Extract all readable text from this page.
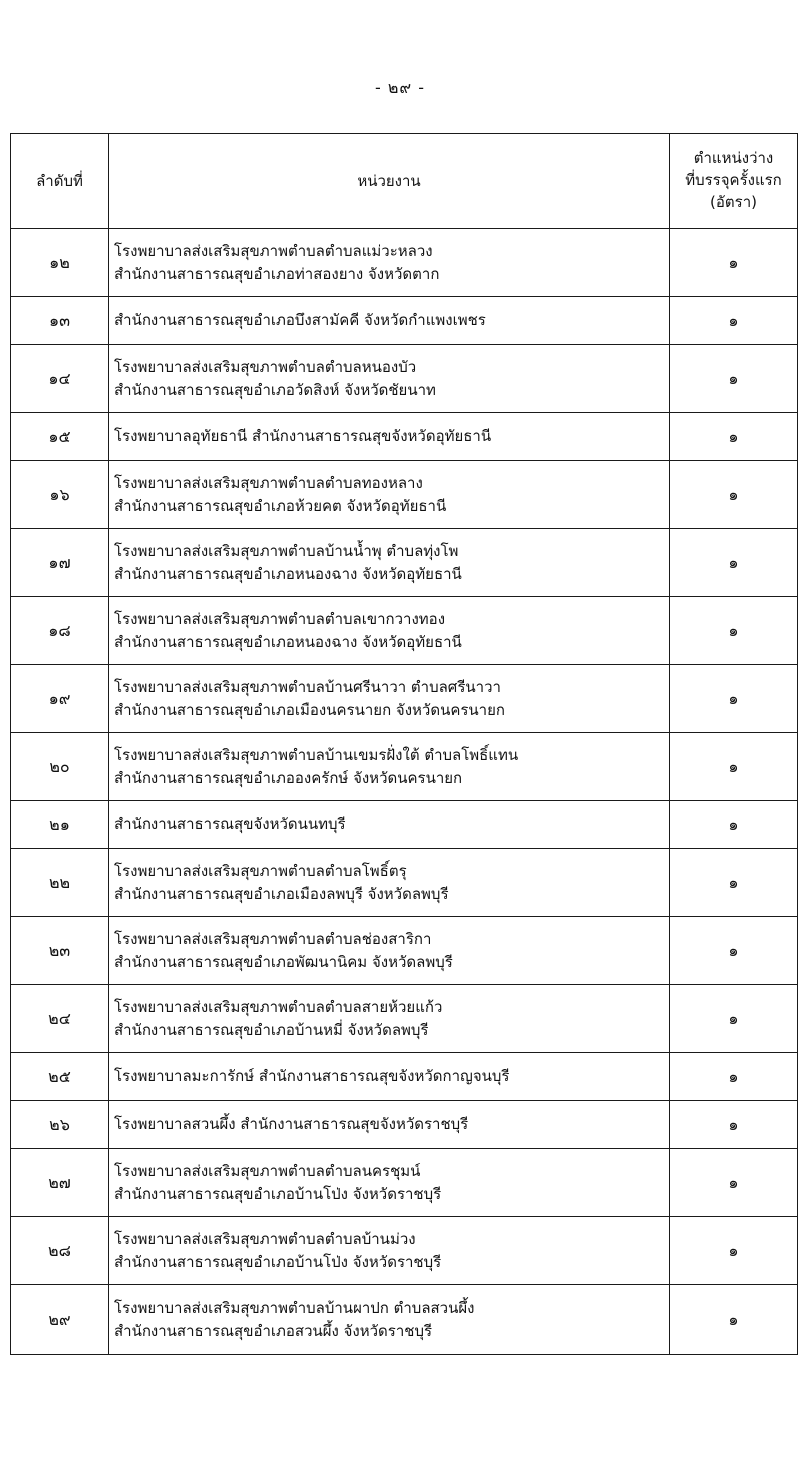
- ๒๙ -
ลำดับที่	หน่วยงาน	ตำแหน่งว่าง
ที่บรรจุครั้งแรก
(อัตรา)
๑๒	โรงพยาบาลส่งเสริมสุขภาพตำบลตำบลแม่วะหลวง
สำนักงานสาธารณสุขอำเภอท่าสองยาง จังหวัดตาก	๑
๑๓	สำนักงานสาธารณสุขอำเภอบึงสามัคคี จังหวัดกำแพงเพชร	๑
๑๔	โรงพยาบาลส่งเสริมสุขภาพตำบลตำบลหนองบัว
สำนักงานสาธารณสุขอำเภอวัดสิงห์ จังหวัดชัยนาท	๑
๑๕	โรงพยาบาลอุทัยธานี สำนักงานสาธารณสุขจังหวัดอุทัยธานี	๑
๑๖	โรงพยาบาลส่งเสริมสุขภาพตำบลตำบลทองหลาง
สำนักงานสาธารณสุขอำเภอห้วยคต จังหวัดอุทัยธานี	๑
๑๗	โรงพยาบาลส่งเสริมสุขภาพตำบลบ้านน้ำพุ ตำบลทุ่งโพ
สำนักงานสาธารณสุขอำเภอหนองฉาง จังหวัดอุทัยธานี	๑
๑๘	โรงพยาบาลส่งเสริมสุขภาพตำบลตำบลเขากวางทอง
สำนักงานสาธารณสุขอำเภอหนองฉาง จังหวัดอุทัยธานี	๑
๑๙	โรงพยาบาลส่งเสริมสุขภาพตำบลบ้านศรีนาวา ตำบลศรีนาวา
สำนักงานสาธารณสุขอำเภอเมืองนครนายก จังหวัดนครนายก	๑
๒๐	โรงพยาบาลส่งเสริมสุขภาพตำบลบ้านเขมรฝั่งใต้ ตำบลโพธิ์แทน
สำนักงานสาธารณสุขอำเภอองครักษ์ จังหวัดนครนายก	๑
๒๑	สำนักงานสาธารณสุขจังหวัดนนทบุรี	๑
๒๒	โรงพยาบาลส่งเสริมสุขภาพตำบลตำบลโพธิ์ตรุ
สำนักงานสาธารณสุขอำเภอเมืองลพบุรี จังหวัดลพบุรี	๑
๒๓	โรงพยาบาลส่งเสริมสุขภาพตำบลตำบลช่องสาริกา
สำนักงานสาธารณสุขอำเภอพัฒนานิคม จังหวัดลพบุรี	๑
๒๔	โรงพยาบาลส่งเสริมสุขภาพตำบลตำบลสายห้วยแก้ว
สำนักงานสาธารณสุขอำเภอบ้านหมี่ จังหวัดลพบุรี	๑
๒๕	โรงพยาบาลมะการักษ์ สำนักงานสาธารณสุขจังหวัดกาญจนบุรี	๑
๒๖	โรงพยาบาลสวนผึ้ง สำนักงานสาธารณสุขจังหวัดราชบุรี	๑
๒๗	โรงพยาบาลส่งเสริมสุขภาพตำบลตำบลนครชุมน์
สำนักงานสาธารณสุขอำเภอบ้านโป่ง จังหวัดราชบุรี	๑
๒๘	โรงพยาบาลส่งเสริมสุขภาพตำบลตำบลบ้านม่วง
สำนักงานสาธารณสุขอำเภอบ้านโป่ง จังหวัดราชบุรี	๑
๒๙	โรงพยาบาลส่งเสริมสุขภาพตำบลบ้านผาปก ตำบลสวนผึ้ง
สำนักงานสาธารณสุขอำเภอสวนผึ้ง จังหวัดราชบุรี	๑
